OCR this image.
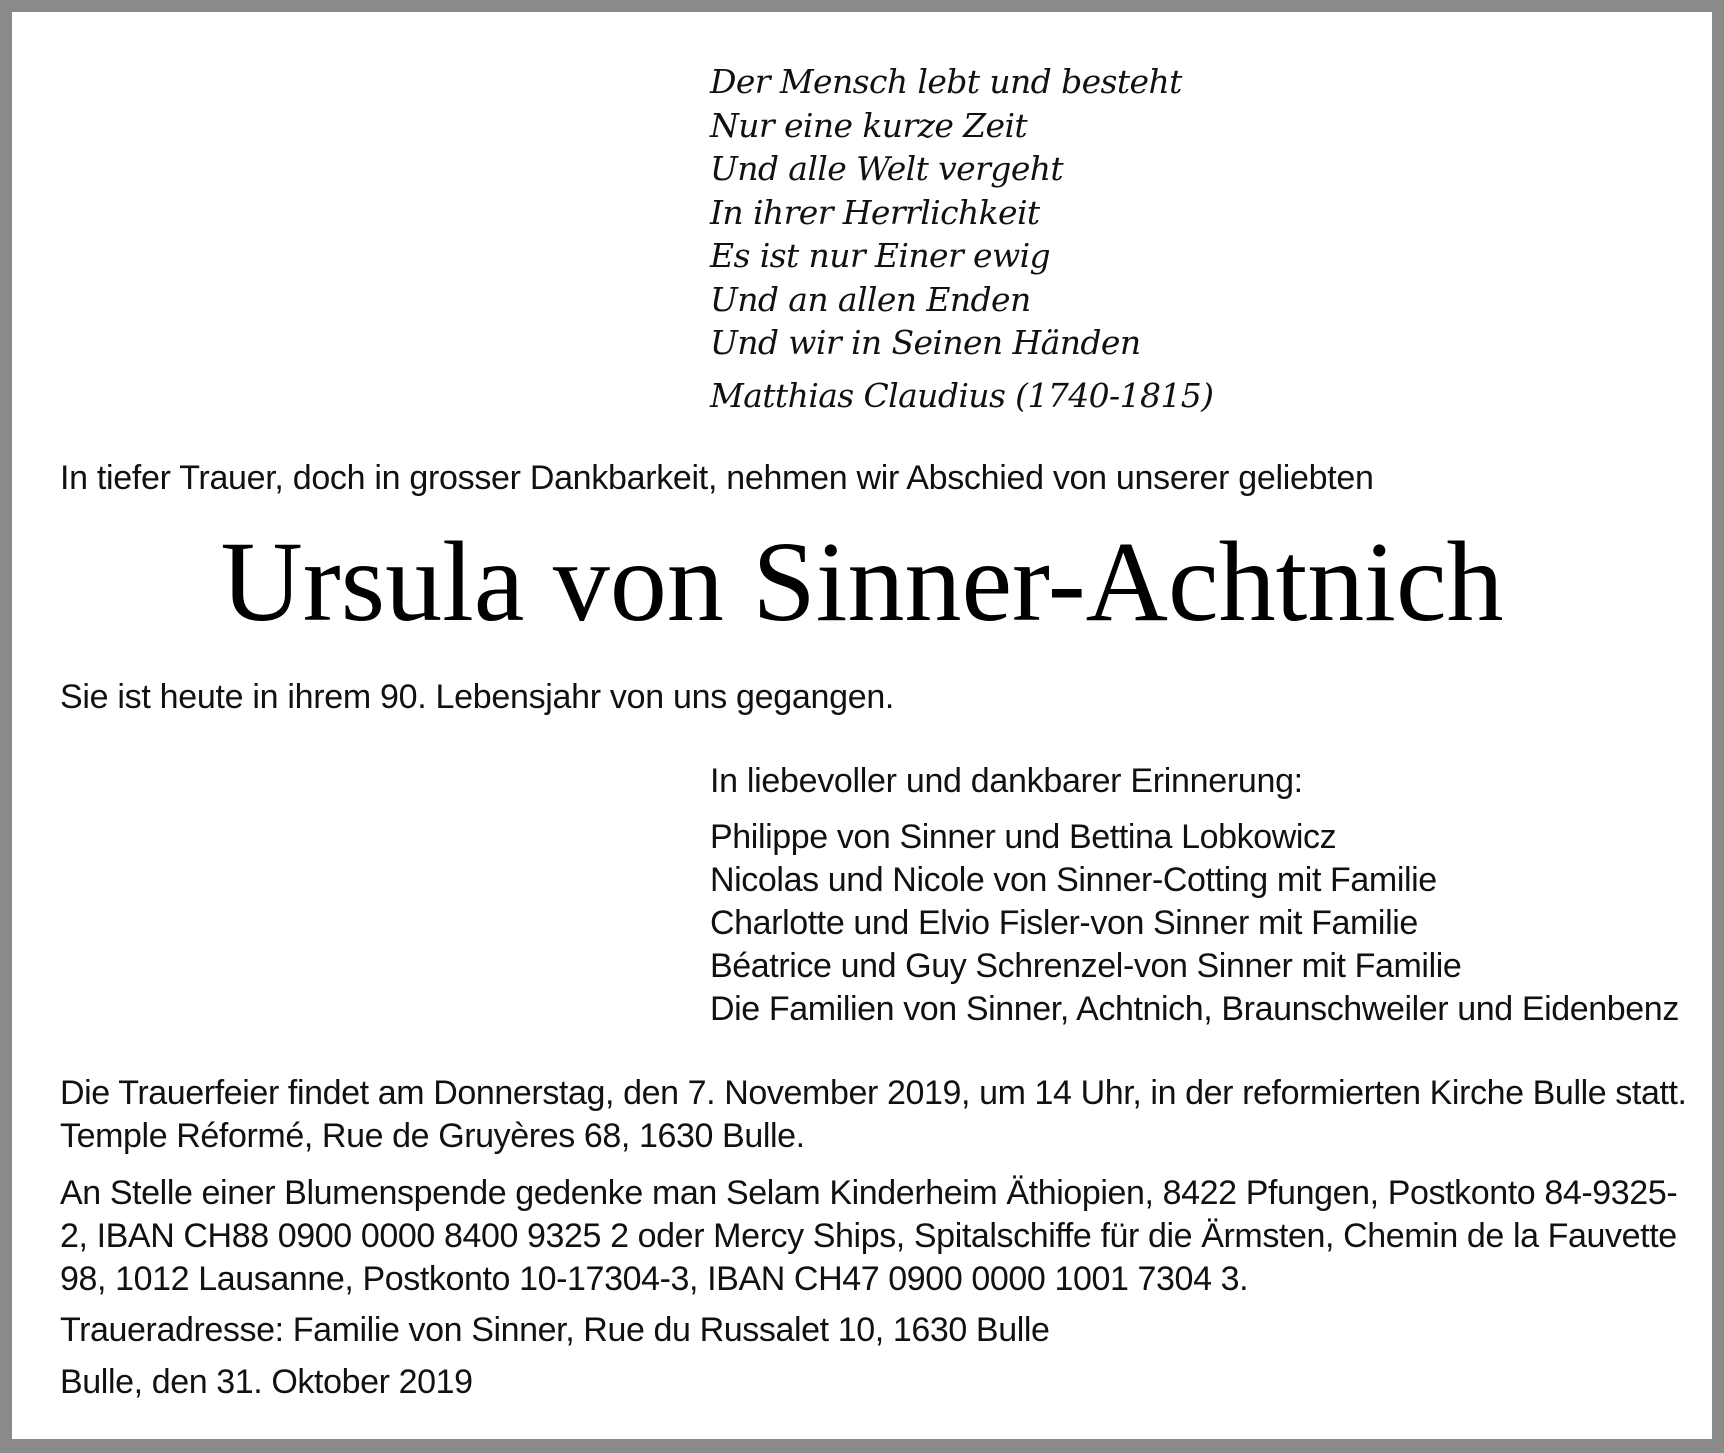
Der Mensch lebt und besteht
Nur eine kurze Zeit
Und alle Welt vergeht
In ihrer Herrlichkeit
Es ist nur Einer ewig
Und an allen Enden
Und wir in Seinen Händen
Matthias Claudius (1740-1815)

In tiefer Trauer, doch in grosser Dankbarkeit, nehmen wir Abschied von unserer geliebten

Ursula von Sinner-Achtnich

Sie ist heute in ihrem 90. Lebensjahr von uns gegangen.

In liebevoller und dankbarer Erinnerung:

Philippe von Sinner und Bettina Lobkowicz
Nicolas und Nicole von Sinner-Cotting mit Familie
Charlotte und Elvio Fisler-von Sinner mit Familie
Béatrice und Guy Schrenzel-von Sinner mit Familie
Die Familien von Sinner, Achtnich, Braunschweiler und Eidenbenz
Die Trauerfeier findet am Donnerstag, den 7. November 2019, um 14 Uhr, in der reformierten Kirche Bulle statt.
Temple Réformé, Rue de Gruyères 68, 1630 Bulle.
An Stelle einer Blumenspende gedenke man Selam Kinderheim Äthiopien, 8422 Pfungen, Postkonto 84-9325-
2, IBAN CH88 0900 0000 8400 9325 2 oder Mercy Ships, Spitalschiffe für die Ärmsten, Chemin de la Fauvette
98, 1012 Lausanne, Postkonto 10-17304-3, IBAN CH47 0900 0000 1001 7304 3.

Traueradresse: Familie von Sinner, Rue du Russalet 10, 1630 Bulle

Bulle, den 31. Oktober 2019
